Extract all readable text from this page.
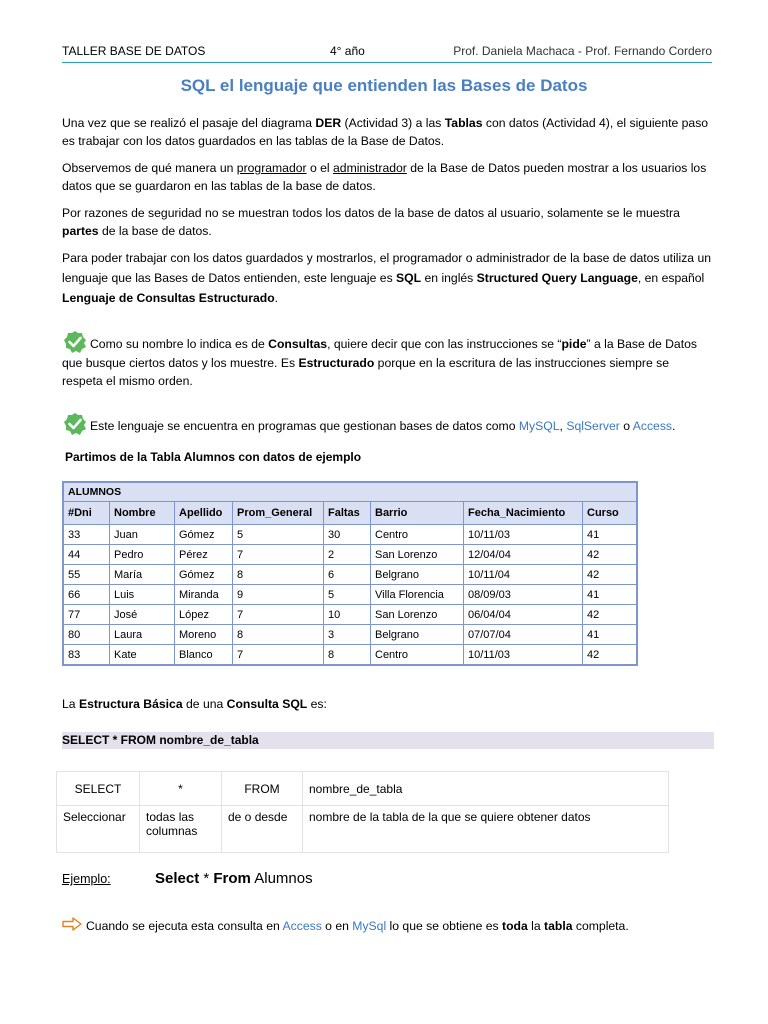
TALLER BASE DE DATOS	4° año	Prof. Daniela Machaca - Prof. Fernando Cordero
SQL el lenguaje que entienden las Bases de Datos
Una vez que se realizó el pasaje del diagrama DER (Actividad 3) a las Tablas con datos (Actividad 4), el siguiente paso es trabajar con los datos guardados en las tablas de la Base de Datos.
Observemos de qué manera un programador o el administrador de la Base de Datos pueden mostrar a los usuarios los datos que se guardaron en las tablas de la base de datos.
Por razones de seguridad no se muestran todos los datos de la base de datos al usuario, solamente se le muestra partes de la base de datos.
Para poder trabajar con los datos guardados y mostrarlos, el programador o administrador de la base de datos utiliza un lenguaje que las Bases de Datos entienden, este lenguaje es SQL en inglés Structured Query Language, en español Lenguaje de Consultas Estructurado.
Como su nombre lo indica es de Consultas, quiere decir que con las instrucciones se “pide” a la Base de Datos que busque ciertos datos y los muestre. Es Estructurado porque en la escritura de las instrucciones siempre se respeta el mismo orden.
Este lenguaje se encuentra en programas que gestionan bases de datos como MySQL, SqlServer o Access.
Partimos de la Tabla Alumnos con datos de ejemplo
ALUMNOS							
#Dni	Nombre	Apellido	Prom_General	Faltas	Barrio	Fecha_Nacimiento	Curso
33	Juan	Gómez	5	30	Centro	10/11/03	41
44	Pedro	Pérez	7	2	San Lorenzo	12/04/04	42
55	María	Gómez	8	6	Belgrano	10/11/04	42
66	Luis	Miranda	9	5	Villa Florencia	08/09/03	41
77	José	López	7	10	San Lorenzo	06/04/04	42
80	Laura	Moreno	8	3	Belgrano	07/07/04	41
83	Kate	Blanco	7	8	Centro	10/11/03	42
La Estructura Básica de una Consulta SQL es:
SELECT * FROM nombre_de_tabla
SELECT	*	FROM	nombre_de_tabla
Seleccionar	todas las columnas	de o desde	nombre de la tabla de la que se quiere obtener datos
Ejemplo:	Select * From Alumnos
Cuando se ejecuta esta consulta en Access o en MySql lo que se obtiene es toda la tabla completa.
